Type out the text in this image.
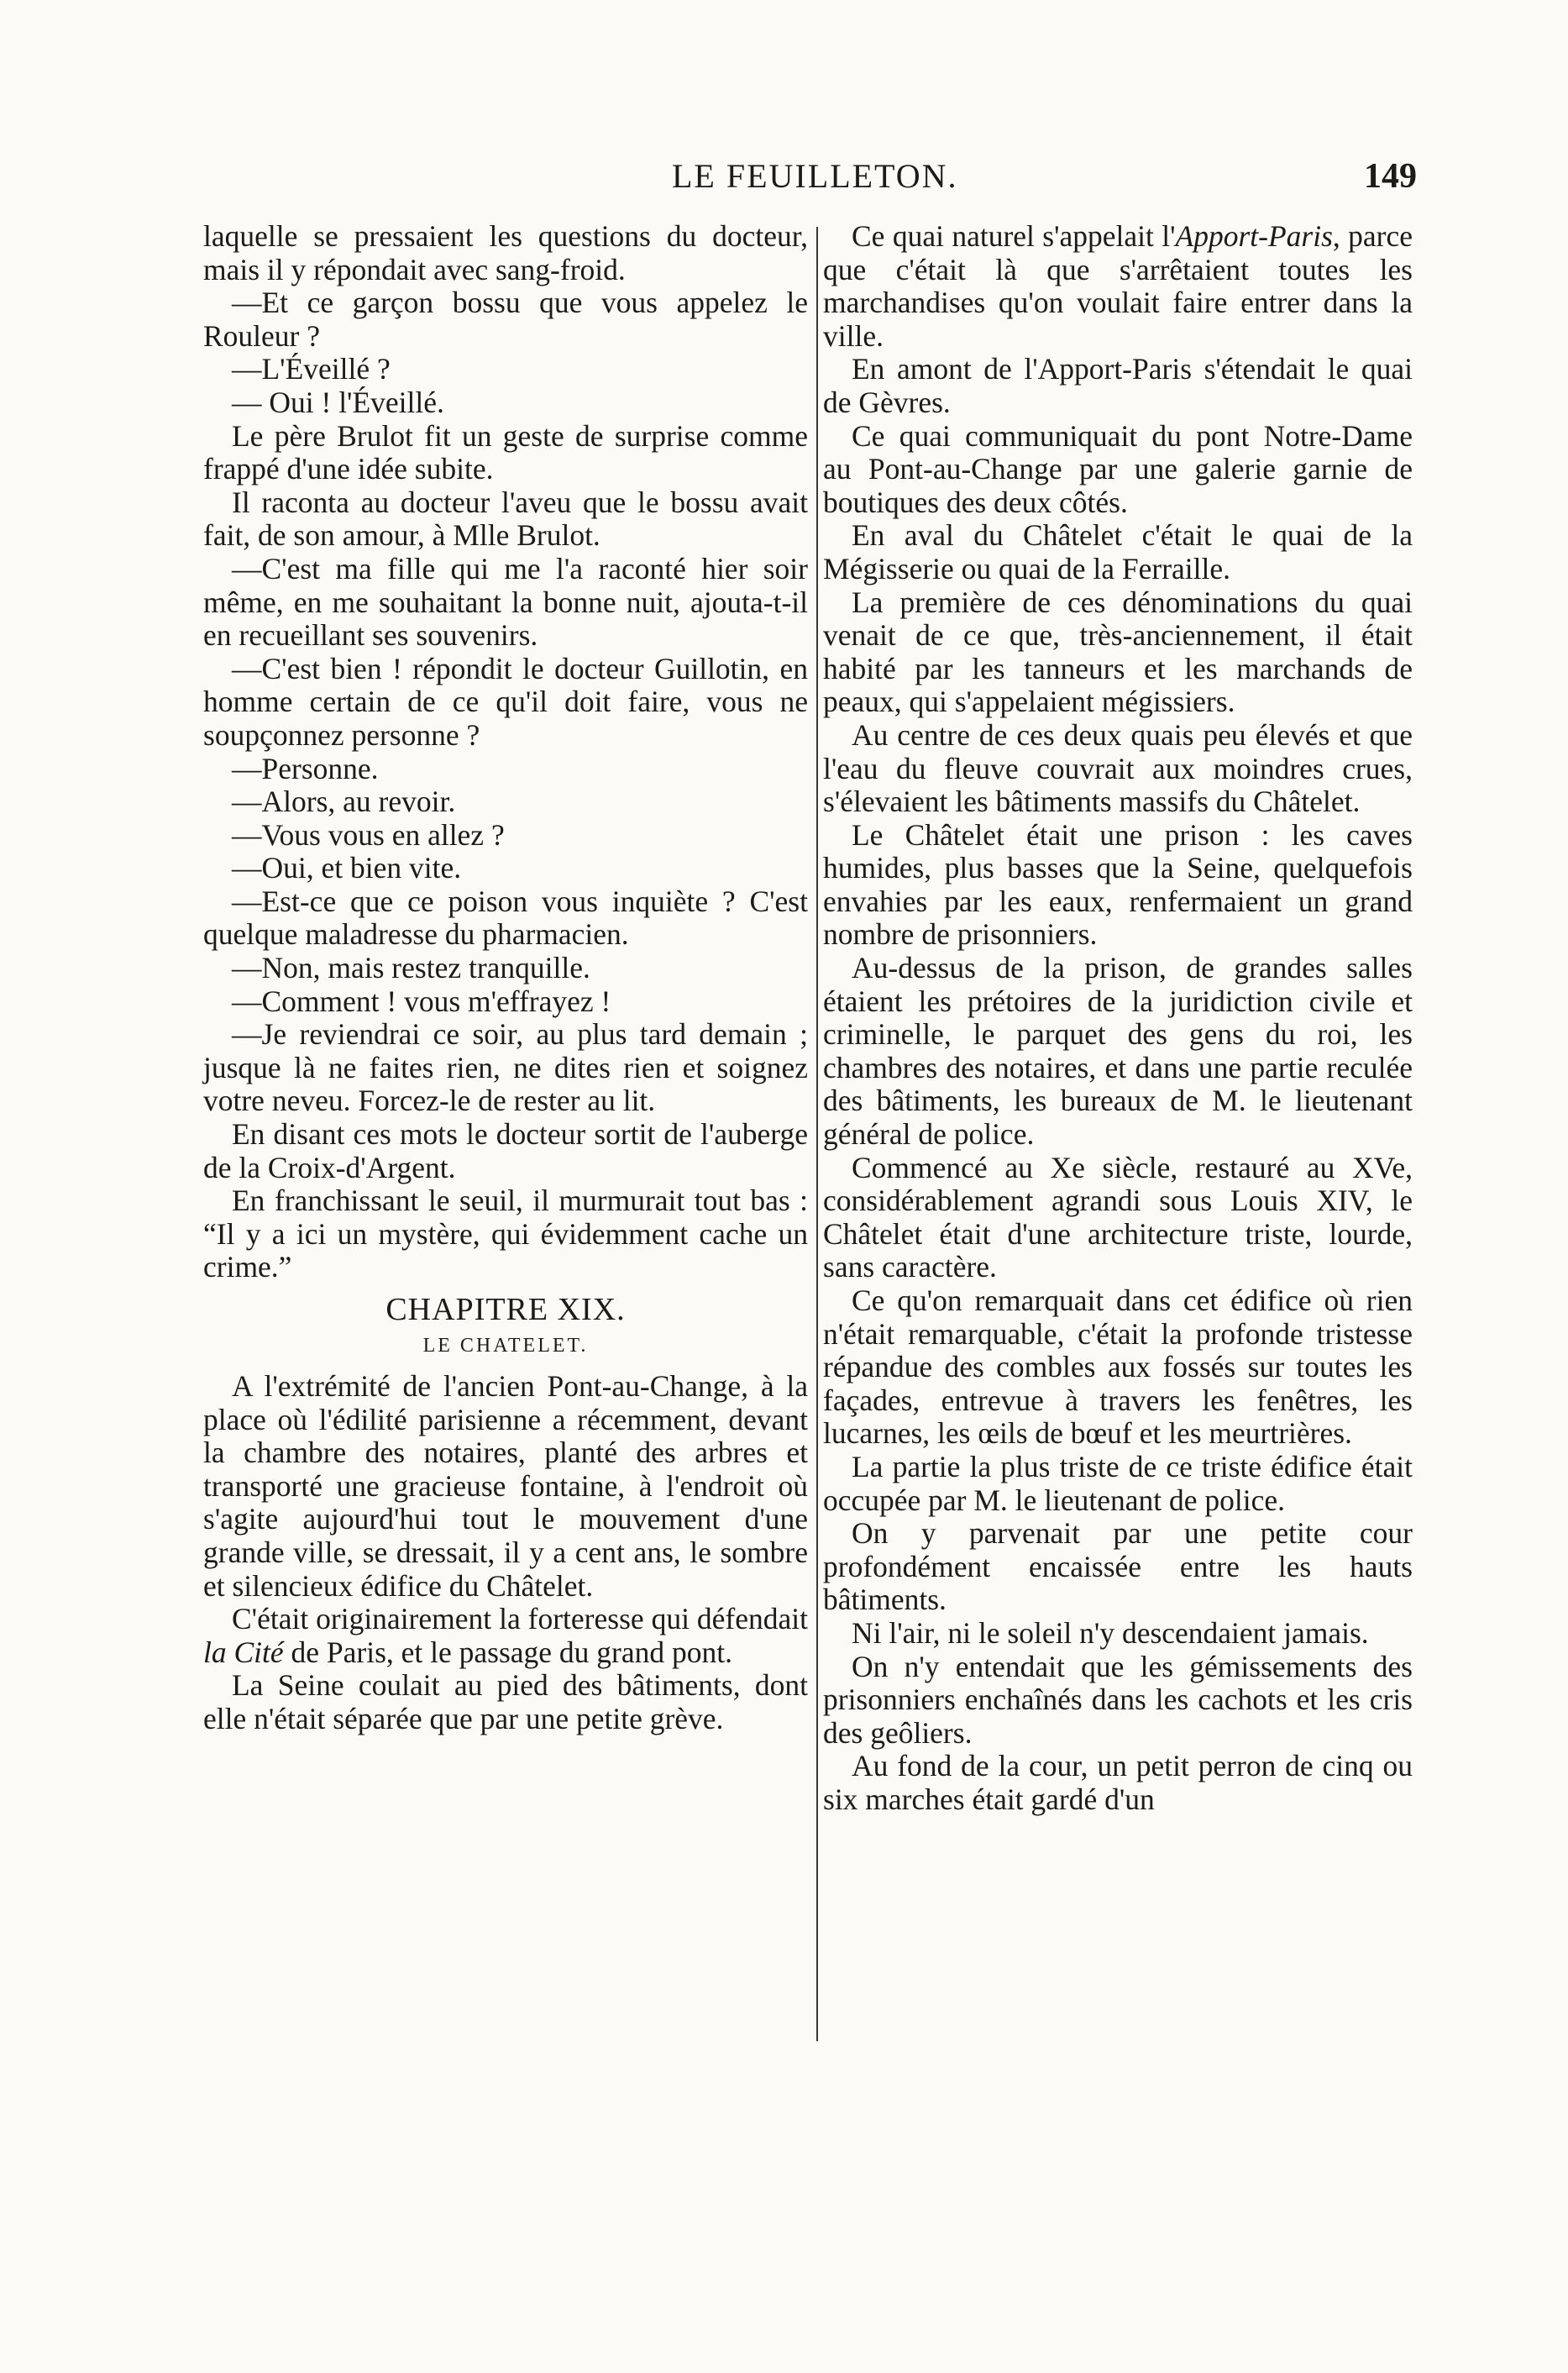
LE FEUILLETON.	149

laquelle se pressaient les questions du docteur, mais il y répondait avec sang-froid.

—Et ce garçon bossu que vous appelez le Rouleur ?

—L'Éveillé ?

— Oui ! l'Éveillé.

Le père Brulot fit un geste de surprise comme frappé d'une idée subite.

Il raconta au docteur l'aveu que le bossu avait fait, de son amour, à Mlle Brulot.

—C'est ma fille qui me l'a raconté hier soir même, en me souhaitant la bonne nuit, ajouta-t-il en recueillant ses souvenirs.

—C'est bien ! répondit le docteur Guillotin, en homme certain de ce qu'il doit faire, vous ne soupçonnez personne ?

—Personne.

—Alors, au revoir.

—Vous vous en allez ?

—Oui, et bien vite.

—Est-ce que ce poison vous inquiète ? C'est quelque maladresse du pharmacien.

—Non, mais restez tranquille.

—Comment ! vous m'effrayez !

—Je reviendrai ce soir, au plus tard demain ; jusque là ne faites rien, ne dites rien et soignez votre neveu. Forcez-le de rester au lit.

En disant ces mots le docteur sortit de l'auberge de la Croix-d'Argent.

En franchissant le seuil, il murmurait tout bas : “Il y a ici un mystère, qui évidemment cache un crime.”

CHAPITRE XIX.
LE CHATELET.

A l'extrémité de l'ancien Pont-au-Change, à la place où l'édilité parisienne a récemment, devant la chambre des notaires, planté des arbres et transporté une gracieuse fontaine, à l'endroit où s'agite aujourd'hui tout le mouvement d'une grande ville, se dressait, il y a cent ans, le sombre et silencieux édifice du Châtelet.

C'était originairement la forteresse qui défendait la Cité de Paris, et le passage du grand pont.

La Seine coulait au pied des bâtiments, dont elle n'était séparée que par une petite grève.

Ce quai naturel s'appelait l'Apport-Paris, parce que c'était là que s'arrêtaient toutes les marchandises qu'on voulait faire entrer dans la ville.

En amont de l'Apport-Paris s'étendait le quai de Gèvres.

Ce quai communiquait du pont Notre-Dame au Pont-au-Change par une galerie garnie de boutiques des deux côtés.

En aval du Châtelet c'était le quai de la Mégisserie ou quai de la Ferraille.

La première de ces dénominations du quai venait de ce que, très-anciennement, il était habité par les tanneurs et les marchands de peaux, qui s'appelaient mégissiers.

Au centre de ces deux quais peu élevés et que l'eau du fleuve couvrait aux moindres crues, s'élevaient les bâtiments massifs du Châtelet.

Le Châtelet était une prison : les caves humides, plus basses que la Seine, quelquefois envahies par les eaux, renfermaient un grand nombre de prisonniers.

Au-dessus de la prison, de grandes salles étaient les prétoires de la juridiction civile et criminelle, le parquet des gens du roi, les chambres des notaires, et dans une partie reculée des bâtiments, les bureaux de M. le lieutenant général de police.

Commencé au Xe siècle, restauré au XVe, considérablement agrandi sous Louis XIV, le Châtelet était d'une architecture triste, lourde, sans caractère.

Ce qu'on remarquait dans cet édifice où rien n'était remarquable, c'était la profonde tristesse répandue des combles aux fossés sur toutes les façades, entrevue à travers les fenêtres, les lucarnes, les œils de bœuf et les meurtrières.

La partie la plus triste de ce triste édifice était occupée par M. le lieutenant de police.

On y parvenait par une petite cour profondément encaissée entre les hauts bâtiments.

Ni l'air, ni le soleil n'y descendaient jamais.

On n'y entendait que les gémissements des prisonniers enchaînés dans les cachots et les cris des geôliers.

Au fond de la cour, un petit perron de cinq ou six marches était gardé d'un
